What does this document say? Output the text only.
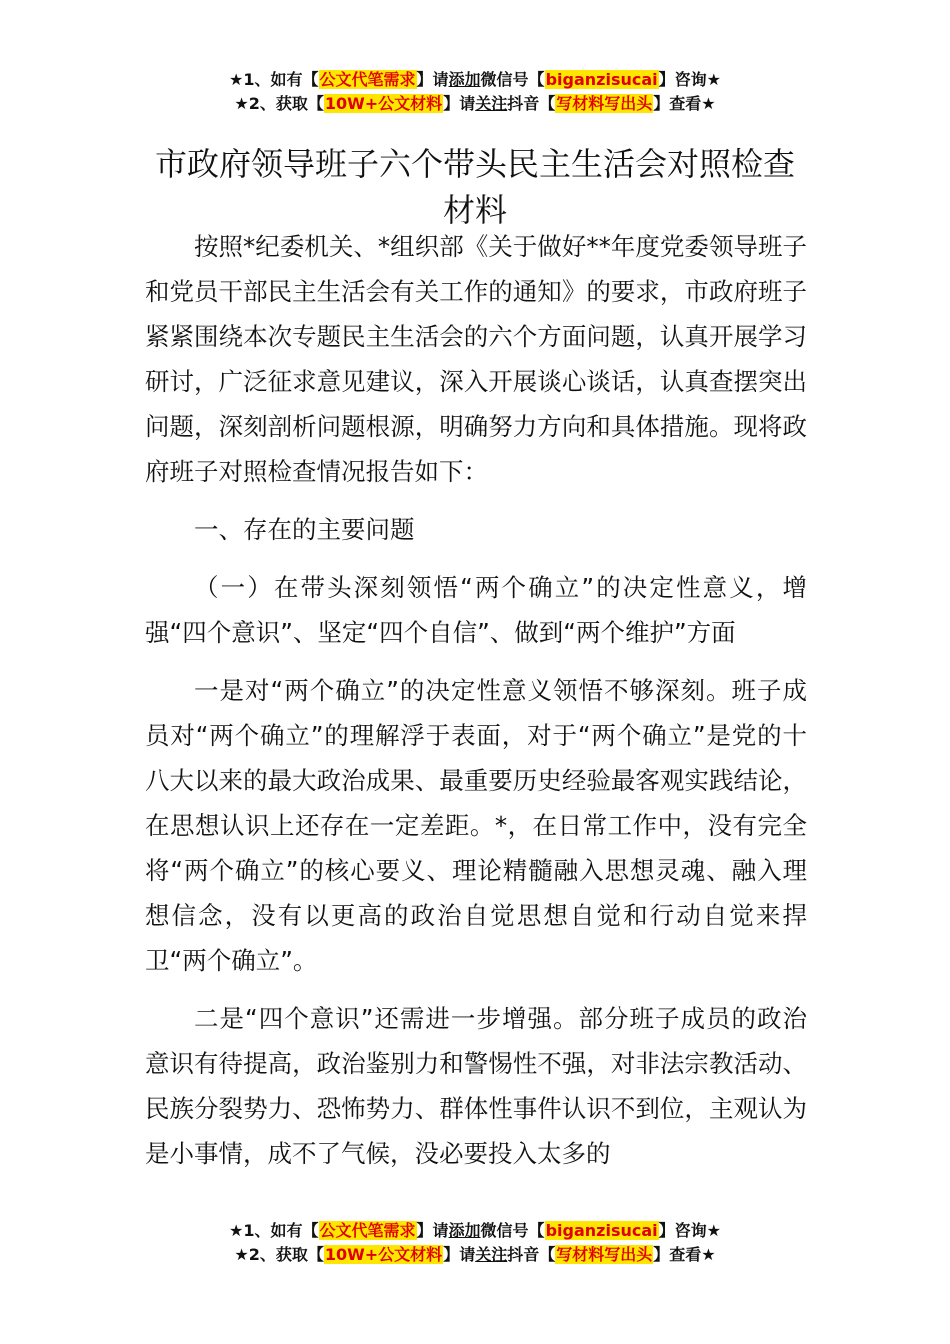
★1、如有【公文代笔需求】请添加微信号【biganzisucai】咨询★
★2、获取【10W+公文材料】请关注抖音【写材料写出头】查看★
市政府领导班子六个带头民主生活会对照检查材料

按照*纪委机关、*组织部《关于做好**年度党委领导班子和党员干部民主生活会有关工作的通知》的要求，市政府班子紧紧围绕本次专题民主生活会的六个方面问题，认真开展学习研讨，广泛征求意见建议，深入开展谈心谈话，认真查摆突出问题，深刻剖析问题根源，明确努力方向和具体措施。现将政府班子对照检查情况报告如下：

一、存在的主要问题

（一）在带头深刻领悟“两个确立”的决定性意义，增强“四个意识”、坚定“四个自信”、做到“两个维护”方面

一是对“两个确立”的决定性意义领悟不够深刻。班子成员对“两个确立”的理解浮于表面，对于“两个确立”是党的十八大以来的最大政治成果、最重要历史经验最客观实践结论，在思想认识上还存在一定差距。*，在日常工作中，没有完全将“两个确立”的核心要义、理论精髓融入思想灵魂、融入理想信念，没有以更高的政治自觉思想自觉和行动自觉来捍卫“两个确立”。

二是“四个意识”还需进一步增强。部分班子成员的政治意识有待提高，政治鉴别力和警惕性不强，对非法宗教活动、民族分裂势力、恐怖势力、群体性事件认识不到位，主观认为是小事情，成不了气候，没必要投入太多的

★1、如有【公文代笔需求】请添加微信号【biganzisucai】咨询★
★2、获取【10W+公文材料】请关注抖音【写材料写出头】查看★
